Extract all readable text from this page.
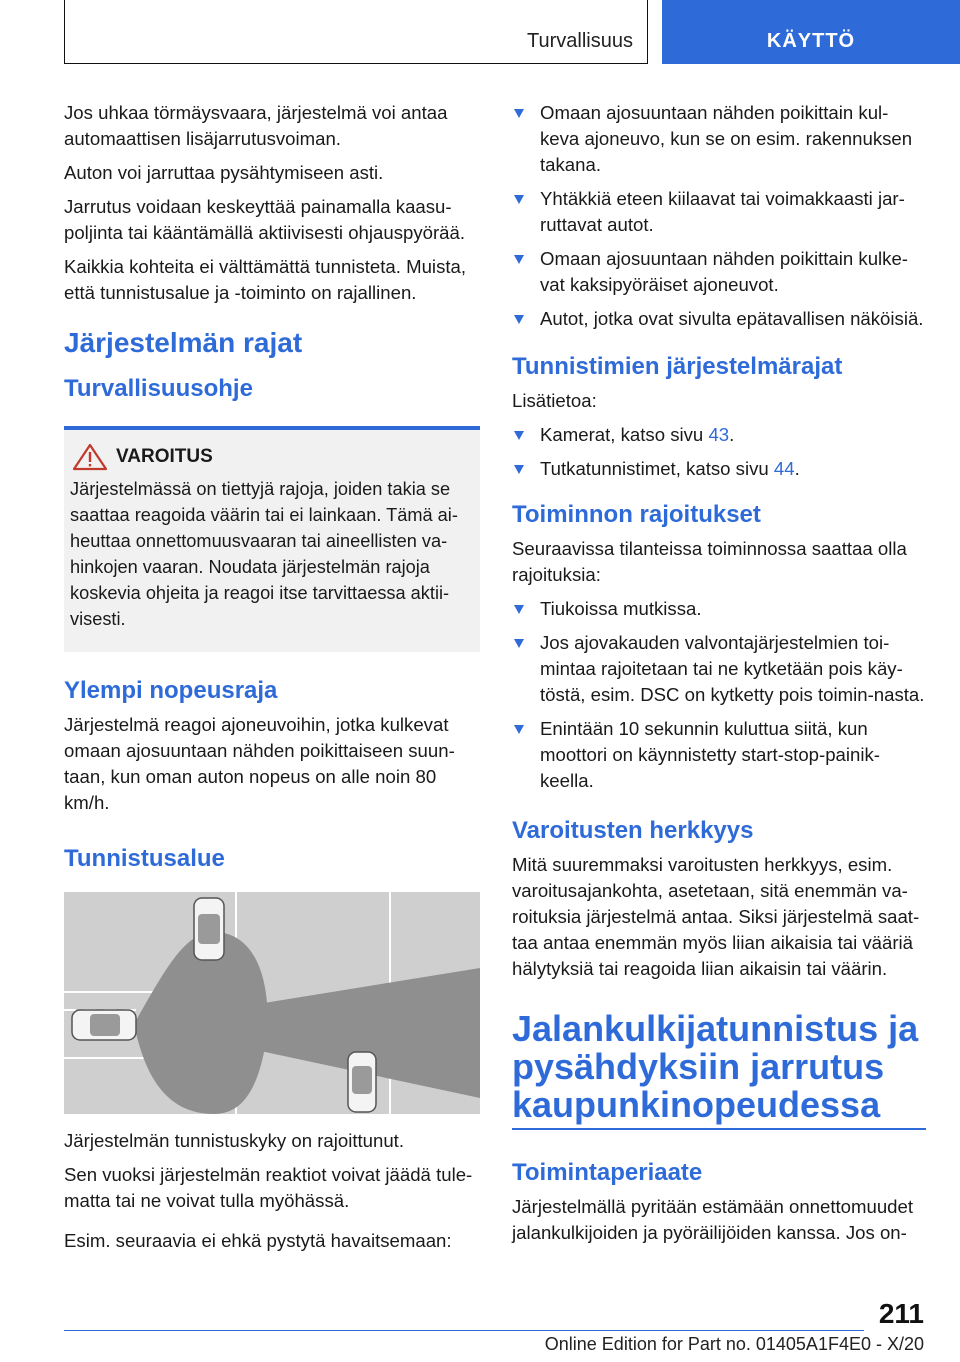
Turvallisuus	KÄYTTÖ

Jos uhkaa törmäysvaara, järjestelmä voi antaa automaattisen lisäjarrutusvoiman.

Auton voi jarruttaa pysähtymiseen asti.

Jarrutus voidaan keskeyttää painamalla kaasu-poljinta tai kääntämällä aktiivisesti ohjauspyörää.

Kaikkia kohteita ei välttämättä tunnisteta. Muista, että tunnistusalue ja -toiminto on rajallinen.

Järjestelmän rajat
Turvallisuusohje
VAROITUS

Järjestelmässä on tiettyjä rajoja, joiden takia se saattaa reagoida väärin tai ei lainkaan. Tämä ai-heuttaa onnettomuusvaaran tai aineellisten va-hinkojen vaaran. Noudata järjestelmän rajoja koskevia ohjeita ja reagoi itse tarvittaessa aktii-visesti.

Ylempi nopeusraja

Järjestelmä reagoi ajoneuvoihin, jotka kulkevat omaan ajosuuntaan nähden poikittaiseen suun-taan, kun oman auton nopeus on alle noin 80 km/h.

Tunnistusalue

Järjestelmän tunnistuskyky on rajoittunut.

Sen vuoksi järjestelmän reaktiot voivat jäädä tule-matta tai ne voivat tulla myöhässä.

Esim. seuraavia ei ehkä pystytä havaitsemaan:

Omaan ajosuuntaan nähden poikittain kul-keva ajoneuvo, kun se on esim. rakennuksen takana.
Yhtäkkiä eteen kiilaavat tai voimakkaasti jar-ruttavat autot.
Omaan ajosuuntaan nähden poikittain kulke-vat kaksipyöräiset ajoneuvot.
Autot, jotka ovat sivulta epätavallisen näköisiä.
Tunnistimien järjestelmärajat

Lisätietoa:

Kamerat, katso sivu 43.
Tutkatunnistimet, katso sivu 44.
Toiminnon rajoitukset

Seuraavissa tilanteissa toiminnossa saattaa olla rajoituksia:

Tiukoissa mutkissa.
Jos ajovakauden valvontajärjestelmien toi-mintaa rajoitetaan tai ne kytketään pois käy-töstä, esim. DSC on kytketty pois toimin-nasta.
Enintään 10 sekunnin kuluttua siitä, kun moottori on käynnistetty start-stop-painik-keella.
Varoitusten herkkyys

Mitä suuremmaksi varoitusten herkkyys, esim. varoitusajankohta, asetetaan, sitä enemmän va-roituksia järjestelmä antaa. Siksi järjestelmä saat-taa antaa enemmän myös liian aikaisia tai vääriä hälytyksiä tai reagoida liian aikaisin tai väärin.

Jalankulkijatunnistus ja pysähdyksiin jarrutus kaupunkinopeudessa
Toimintaperiaate

Järjestelmällä pyritään estämään onnettomuudet jalankulkijoiden ja pyöräilijöiden kanssa. Jos on-

211
Online Edition for Part no. 01405A1F4E0 - X/20
